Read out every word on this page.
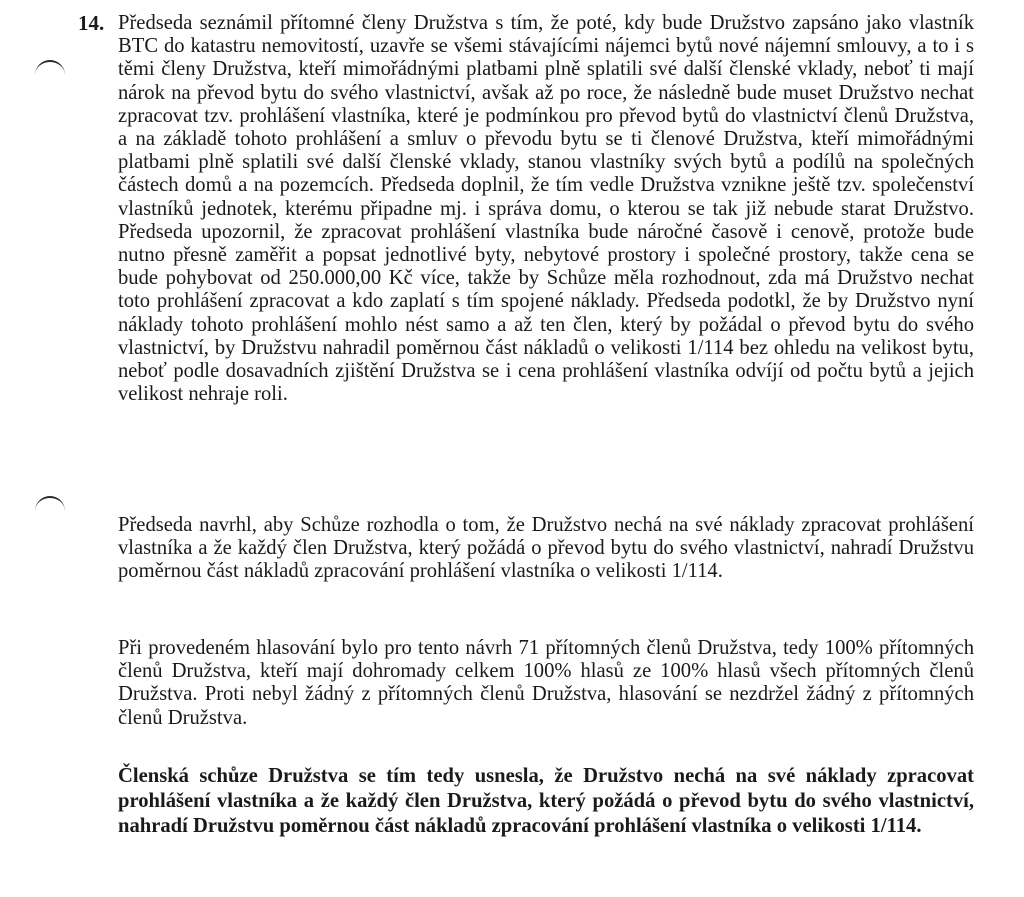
14. Předseda seznámil přítomné členy Družstva s tím, že poté, kdy bude Družstvo zapsáno jako vlastník BTC do katastru nemovitostí, uzavře se všemi stávajícími nájemci bytů nové nájemní smlouvy, a to i s těmi členy Družstva, kteří mimořádnými platbami plně splatili své další členské vklady, neboť ti mají nárok na převod bytu do svého vlastnictví, avšak až po roce, že následně bude muset Družstvo nechat zpracovat tzv. prohlášení vlastníka, které je podmínkou pro převod bytů do vlastnictví členů Družstva, a na základě tohoto prohlášení a smluv o převodu bytu se ti členové Družstva, kteří mimořádnými platbami plně splatili své další členské vklady, stanou vlastníky svých bytů a podílů na společných částech domů a na pozemcích. Předseda doplnil, že tím vedle Družstva vznikne ještě tzv. společenství vlastníků jednotek, kterému připadne mj. i správa domu, o kterou se tak již nebude starat Družstvo. Předseda upozornil, že zpracovat prohlášení vlastníka bude náročné časově i cenově, protože bude nutno přesně zaměřit a popsat jednotlivé byty, nebytové prostory i společné prostory, takže cena se bude pohybovat od 250.000,00 Kč více, takže by Schůze měla rozhodnout, zda má Družstvo nechat toto prohlášení zpracovat a kdo zaplatí s tím spojené náklady. Předseda podotkl, že by Družstvo nyní náklady tohoto prohlášení mohlo nést samo a až ten člen, který by požádal o převod bytu do svého vlastnictví, by Družstvu nahradil poměrnou část nákladů o velikosti 1/114 bez ohledu na velikost bytu, neboť podle dosavadních zjištění Družstva se i cena prohlášení vlastníka odvíjí od počtu bytů a jejich velikost nehraje roli.

Předseda navrhl, aby Schůze rozhodla o tom, že Družstvo nechá na své náklady zpracovat prohlášení vlastníka a že každý člen Družstva, který požádá o převod bytu do svého vlastnictví, nahradí Družstvu poměrnou část nákladů zpracování prohlášení vlastníka o velikosti 1/114.

Při provedeném hlasování bylo pro tento návrh 71 přítomných členů Družstva, tedy 100% přítomných členů Družstva, kteří mají dohromady celkem 100% hlasů ze 100% hlasů všech přítomných členů Družstva. Proti nebyl žádný z přítomných členů Družstva, hlasování se nezdržel žádný z přítomných členů Družstva.

Členská schůze Družstva se tím tedy usnesla, že Družstvo nechá na své náklady zpracovat prohlášení vlastníka a že každý člen Družstva, který požádá o převod bytu do svého vlastnictví, nahradí Družstvu poměrnou část nákladů zpracování prohlášení vlastníka o velikosti 1/114.
